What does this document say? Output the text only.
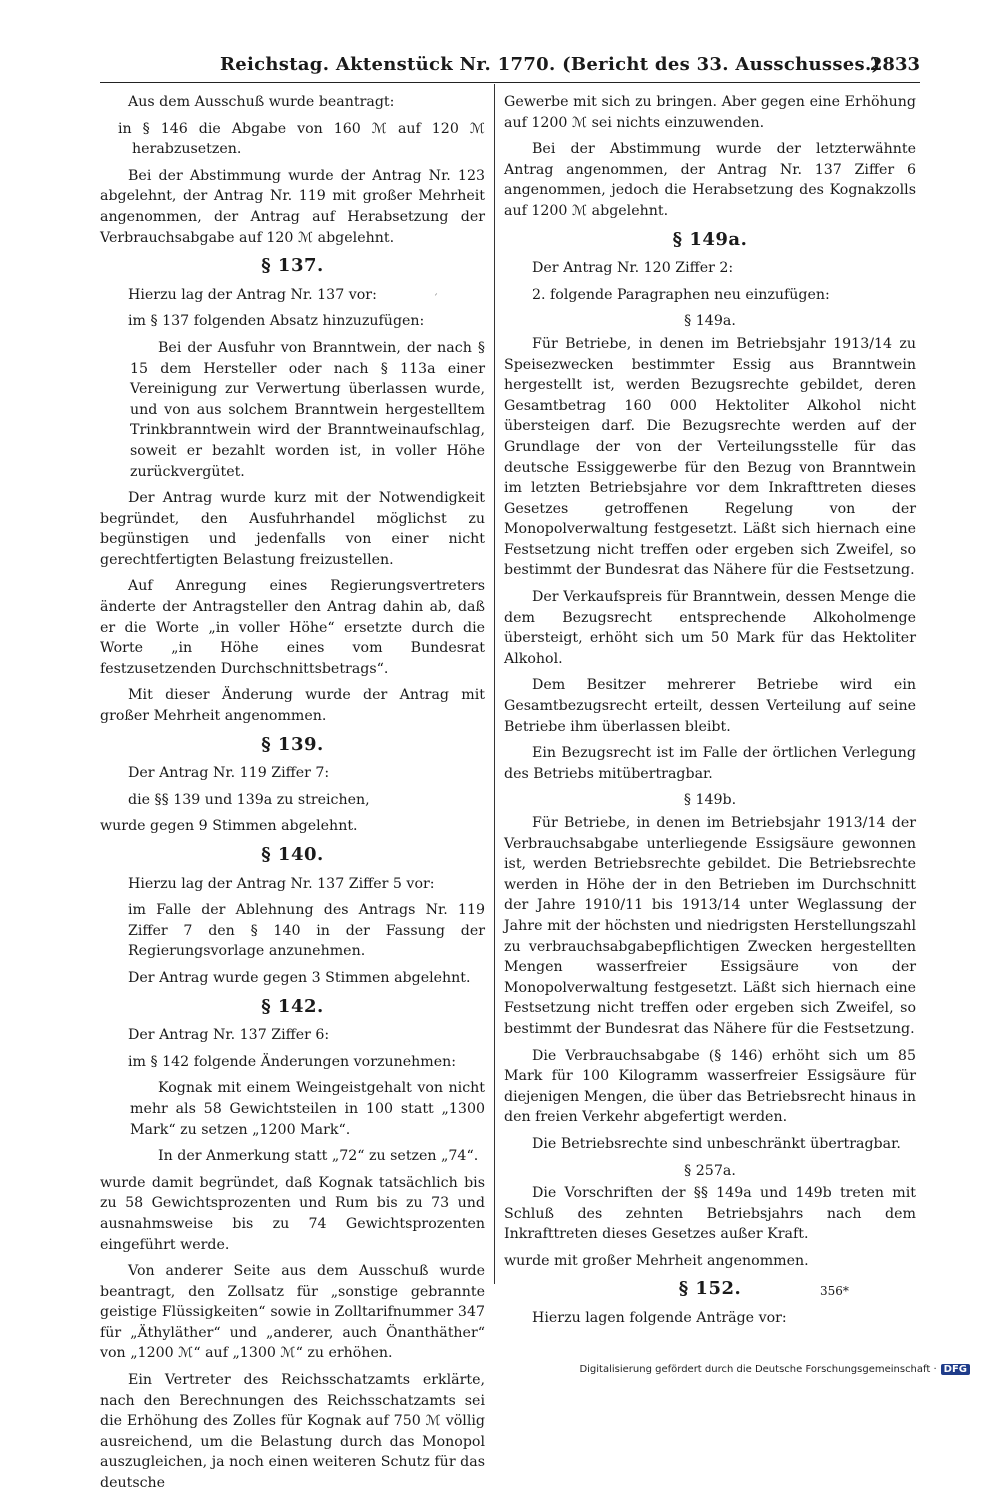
Reichstag. Aktenstück Nr. 1770. (Bericht des 33. Ausschusses.)
2833
ˊ

Aus dem Ausschuß wurde beantragt:

in § 146 die Abgabe von 160 ℳ auf 120 ℳ herabzusetzen.

Bei der Abstimmung wurde der Antrag Nr. 123 abgelehnt, der Antrag Nr. 119 mit großer Mehrheit angenommen, der Antrag auf Herabsetzung der Verbrauchsabgabe auf 120 ℳ abgelehnt.

§ 137.

Hierzu lag der Antrag Nr. 137 vor:

im § 137 folgenden Absatz hinzuzufügen:

Bei der Ausfuhr von Branntwein, der nach § 15 dem Hersteller oder nach § 113a einer Vereinigung zur Verwertung überlassen wurde, und von aus solchem Branntwein hergestelltem Trinkbranntwein wird der Branntweinaufschlag, soweit er bezahlt worden ist, in voller Höhe zurückvergütet.

Der Antrag wurde kurz mit der Notwendigkeit begründet, den Ausfuhrhandel möglichst zu begünstigen und jedenfalls von einer nicht gerechtfertigten Belastung freizustellen.

Auf Anregung eines Regierungsvertreters änderte der Antragsteller den Antrag dahin ab, daß er die Worte „in voller Höhe“ ersetzte durch die Worte „in Höhe eines vom Bundesrat festzusetzenden Durchschnittsbetrags“.

Mit dieser Änderung wurde der Antrag mit großer Mehrheit angenommen.

§ 139.

Der Antrag Nr. 119 Ziffer 7:

die §§ 139 und 139a zu streichen,

wurde gegen 9 Stimmen abgelehnt.

§ 140.

Hierzu lag der Antrag Nr. 137 Ziffer 5 vor:

im Falle der Ablehnung des Antrags Nr. 119 Ziffer 7 den § 140 in der Fassung der Regierungsvorlage anzunehmen.

Der Antrag wurde gegen 3 Stimmen abgelehnt.

§ 142.

Der Antrag Nr. 137 Ziffer 6:

im § 142 folgende Änderungen vorzunehmen:

Kognak mit einem Weingeistgehalt von nicht mehr als 58 Gewichtsteilen in 100 statt „1300 Mark“ zu setzen „1200 Mark“.

In der Anmerkung statt „72“ zu setzen „74“.

wurde damit begründet, daß Kognak tatsächlich bis zu 58 Gewichtsprozenten und Rum bis zu 73 und ausnahmsweise bis zu 74 Gewichtsprozenten eingeführt werde.

Von anderer Seite aus dem Ausschuß wurde beantragt, den Zollsatz für „sonstige gebrannte geistige Flüssigkeiten“ sowie in Zolltarifnummer 347 für „Äthyläther“ und „anderer, auch Önanthäther“ von „1200 ℳ“ auf „1300 ℳ“ zu erhöhen.

Ein Vertreter des Reichsschatzamts erklärte, nach den Berechnungen des Reichsschatzamts sei die Erhöhung des Zolles für Kognak auf 750 ℳ völlig ausreichend, um die Belastung durch das Monopol auszugleichen, ja noch einen weiteren Schutz für das deutsche

Gewerbe mit sich zu bringen. Aber gegen eine Erhöhung auf 1200 ℳ sei nichts einzuwenden.

Bei der Abstimmung wurde der letzterwähnte Antrag angenommen, der Antrag Nr. 137 Ziffer 6 angenommen, jedoch die Herabsetzung des Kognakzolls auf 1200 ℳ abgelehnt.

§ 149a.

Der Antrag Nr. 120 Ziffer 2:

2. folgende Paragraphen neu einzufügen:

§ 149a.

Für Betriebe, in denen im Betriebsjahr 1913/14 zu Speisezwecken bestimmter Essig aus Branntwein hergestellt ist, werden Bezugsrechte gebildet, deren Gesamtbetrag 160 000 Hektoliter Alkohol nicht übersteigen darf. Die Bezugsrechte werden auf der Grundlage der von der Verteilungsstelle für das deutsche Essiggewerbe für den Bezug von Branntwein im letzten Betriebsjahre vor dem Inkrafttreten dieses Gesetzes getroffenen Regelung von der Monopolverwaltung festgesetzt. Läßt sich hiernach eine Festsetzung nicht treffen oder ergeben sich Zweifel, so bestimmt der Bundesrat das Nähere für die Festsetzung.

Der Verkaufspreis für Branntwein, dessen Menge die dem Bezugsrecht entsprechende Alkoholmenge übersteigt, erhöht sich um 50 Mark für das Hektoliter Alkohol.

Dem Besitzer mehrerer Betriebe wird ein Gesamtbezugsrecht erteilt, dessen Verteilung auf seine Betriebe ihm überlassen bleibt.

Ein Bezugsrecht ist im Falle der örtlichen Verlegung des Betriebs mitübertragbar.

§ 149b.

Für Betriebe, in denen im Betriebsjahr 1913/14 der Verbrauchsabgabe unterliegende Essigsäure gewonnen ist, werden Betriebsrechte gebildet. Die Betriebsrechte werden in Höhe der in den Betrieben im Durchschnitt der Jahre 1910/11 bis 1913/14 unter Weglassung der Jahre mit der höchsten und niedrigsten Herstellungszahl zu verbrauchsabgabepflichtigen Zwecken hergestellten Mengen wasserfreier Essigsäure von der Monopolverwaltung festgesetzt. Läßt sich hiernach eine Festsetzung nicht treffen oder ergeben sich Zweifel, so bestimmt der Bundesrat das Nähere für die Festsetzung.

Die Verbrauchsabgabe (§ 146) erhöht sich um 85 Mark für 100 Kilogramm wasserfreier Essigsäure für diejenigen Mengen, die über das Betriebsrecht hinaus in den freien Verkehr abgefertigt werden.

Die Betriebsrechte sind unbeschränkt übertragbar.

§ 257a.

Die Vorschriften der §§ 149a und 149b treten mit Schluß des zehnten Betriebsjahrs nach dem Inkrafttreten dieses Gesetzes außer Kraft.

wurde mit großer Mehrheit angenommen.

§ 152.

Hierzu lagen folgende Anträge vor:

356*
Digitalisierung gefördert durch die Deutsche Forschungsgemeinschaft · DFG
